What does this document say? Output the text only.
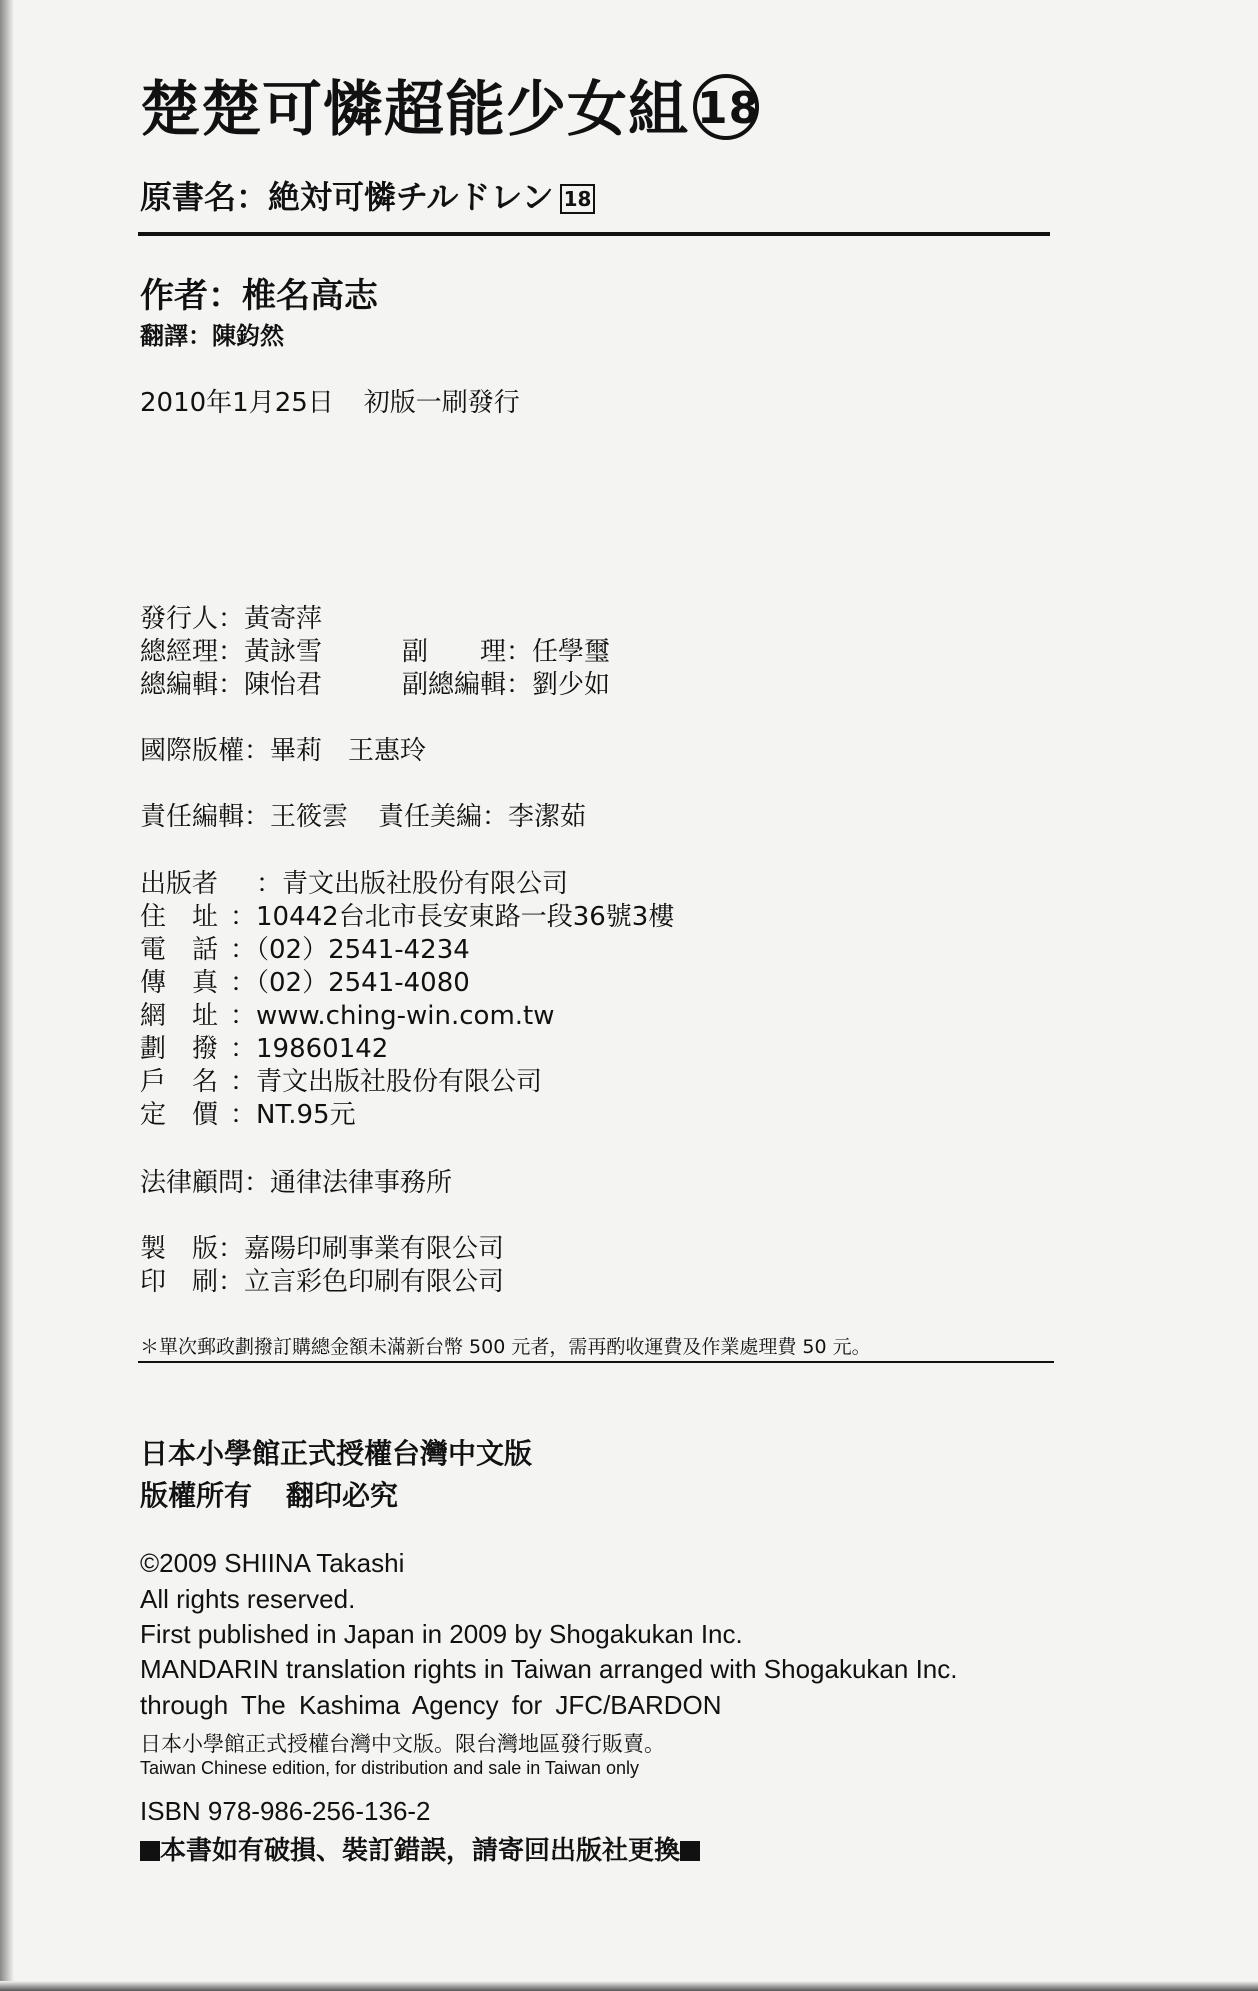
楚楚可憐超能少女組 18
原書名：絶対可憐チルドレン 18
作者：椎名高志
翻譯：陳鈞然
2010年1月25日 初版一刷發行
發行人：黃寄萍
總經理：黃詠雪	副　　理：任學璽
總編輯：陳怡君	副總編輯：劉少如
國際版權：畢莉　王惠玲
責任編輯：王筱雲 責任美編：李潔茹
出版者 ：青文出版社股份有限公司
住址：10442台北市長安東路一段36號3樓
電話：（02）2541-4234
傳真：（02）2541-4080
網址：www.ching-win.com.tw
劃撥：19860142
戶名：青文出版社股份有限公司
定價：NT.95元
法律顧問：通律法律事務所
製　版：嘉陽印刷事業有限公司
印　刷：立言彩色印刷有限公司
＊單次郵政劃撥訂購總金額未滿新台幣 500 元者，需再酌收運費及作業處理費 50 元。
日本小學館正式授權台灣中文版
版權所有 翻印必究
©2009 SHIINA Takashi
All rights reserved.
First published in Japan in 2009 by Shogakukan Inc.
MANDARIN translation rights in Taiwan arranged with Shogakukan Inc.
through The Kashima Agency for JFC/BARDON
日本小學館正式授權台灣中文版。限台灣地區發行販賣。
Taiwan Chinese edition, for distribution and sale in Taiwan only
ISBN 978-986-256-136-2
本書如有破損、裝訂錯誤，請寄回出版社更換
